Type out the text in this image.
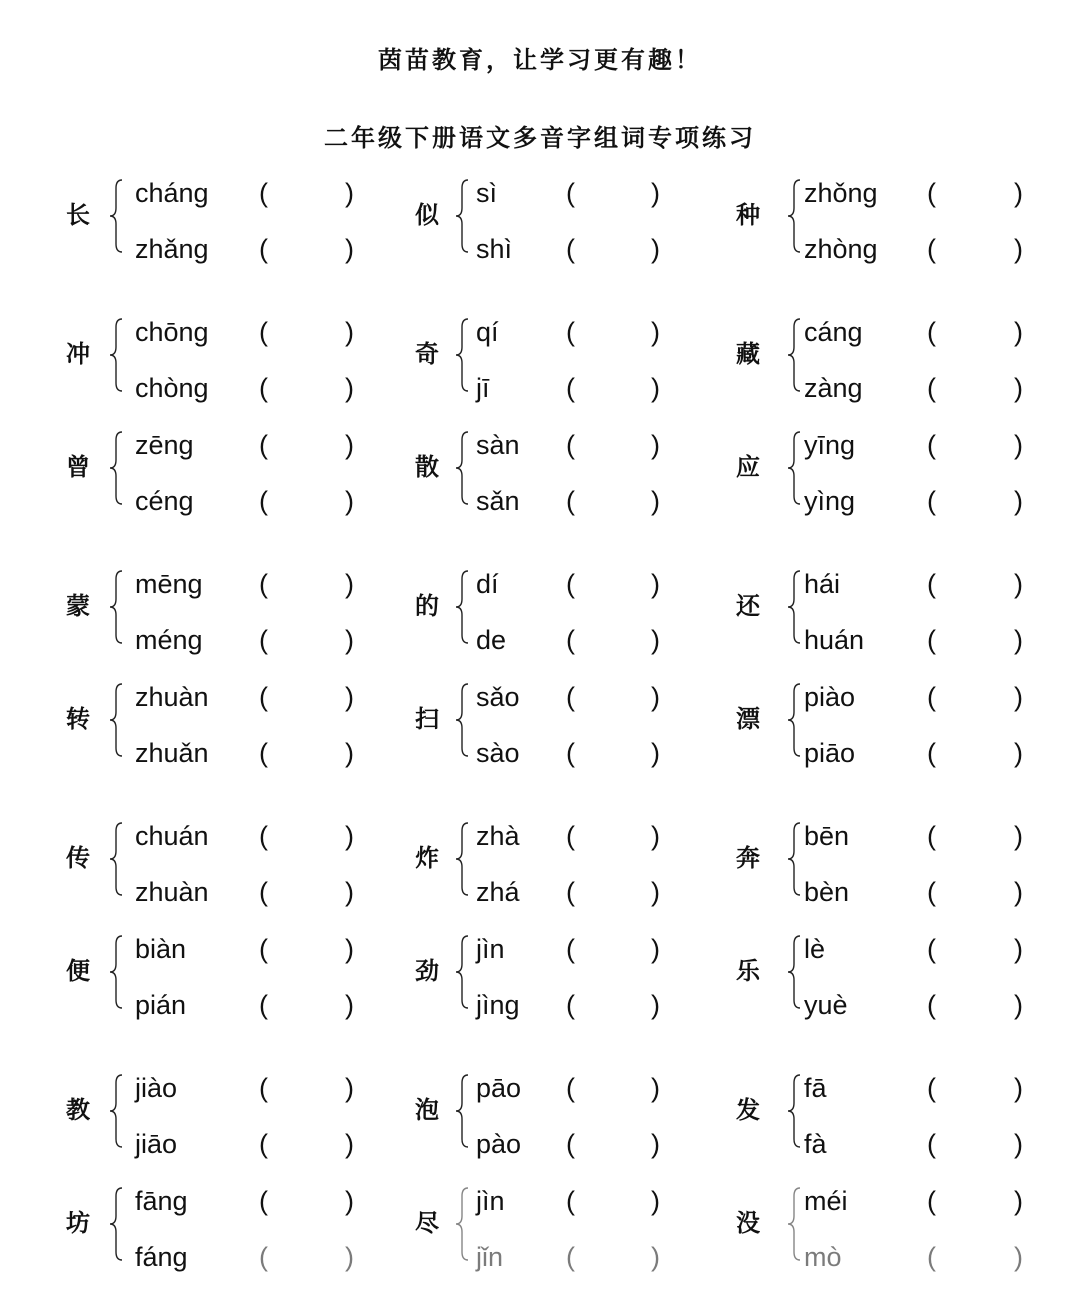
茵苗教育，让学习更有趣！
二年级下册语文多音字组词专项练习
长
cháng (	)
zhǎng (	)
似
sì	(	)
shì (	)
种
zhǒng (	)
zhòng (	)
冲
chōng (	)
chòng (	)
奇
qí (	)
jī	(	)
藏
cáng (	)
zàng (	)
曾
zēng (	)
céng (	)
散
sàn (	)
sǎn (	)
应
yīng	(	)
yìng	(	)
蒙
mēng (	)
méng (	)
的
dí (	)
de (	)
还
hái	(	)
huán (	)
转
zhuàn (	)
zhuǎn (	)
扫
sǎo (	)
sào (	)
漂
piào	(	)
piāo	(	)
传
chuán (	)
zhuàn (	)
炸
zhà (	)
zhá (	)
奔
bēn	(	)
bèn	(	)
便
biàn	(	)
pián	(	)
劲
jìn (	)
jìng (	)
乐
lè	(	)
yuè	(	)
教
jiào	(	)
jiāo	(	)
泡
pāo (	)
pào (	)
发
fā	(	)
fà	(	)
坊
fāng	(	)
fáng	(	)
尽
jìn (	)
jǐn (	)
没
méi	(	)
mò	(	)
